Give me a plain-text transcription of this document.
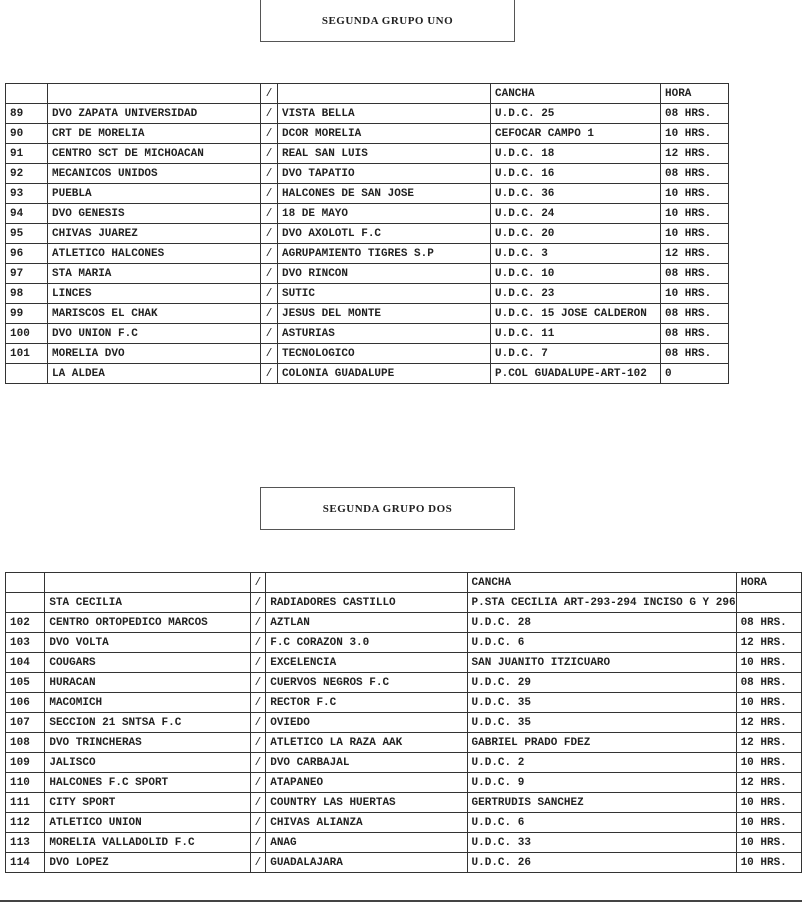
SEGUNDA GRUPO UNO
		/		CANCHA	HORA
89	DVO ZAPATA UNIVERSIDAD	/	VISTA BELLA	U.D.C. 25	08 HRS.
90	CRT DE MORELIA	/	DCOR MORELIA	CEFOCAR CAMPO 1	10 HRS.
91	CENTRO SCT DE MICHOACAN	/	REAL SAN LUIS	U.D.C. 18	12 HRS.
92	MECANICOS UNIDOS	/	DVO TAPATIO	U.D.C. 16	08 HRS.
93	PUEBLA	/	HALCONES DE SAN JOSE	U.D.C. 36	10 HRS.
94	DVO GENESIS	/	18 DE MAYO	U.D.C. 24	10 HRS.
95	CHIVAS JUAREZ	/	DVO AXOLOTL F.C	U.D.C. 20	10 HRS.
96	ATLETICO HALCONES	/	AGRUPAMIENTO TIGRES S.P	U.D.C. 3	12 HRS.
97	STA MARIA	/	DVO RINCON	U.D.C. 10	08 HRS.
98	LINCES	/	SUTIC	U.D.C. 23	10 HRS.
99	MARISCOS EL CHAK	/	JESUS DEL MONTE	U.D.C. 15 JOSE CALDERON	08 HRS.
100	DVO UNION F.C	/	ASTURIAS	U.D.C. 11	08 HRS.
101	MORELIA DVO	/	TECNOLOGICO	U.D.C. 7	08 HRS.
	LA ALDEA	/	COLONIA GUADALUPE	P.COL GUADALUPE-ART-102	0
SEGUNDA GRUPO DOS
		/		CANCHA	HORA
	STA CECILIA	/	RADIADORES CASTILLO	P.STA CECILIA ART-293-294 INCISO G Y 296	
102	CENTRO ORTOPEDICO MARCOS	/	AZTLAN	U.D.C. 28	08 HRS.
103	DVO VOLTA	/	F.C CORAZON 3.0	U.D.C. 6	12 HRS.
104	COUGARS	/	EXCELENCIA	SAN JUANITO ITZICUARO	10 HRS.
105	HURACAN	/	CUERVOS NEGROS F.C	U.D.C. 29	08 HRS.
106	MACOMICH	/	RECTOR F.C	U.D.C. 35	10 HRS.
107	SECCION 21 SNTSA F.C	/	OVIEDO	U.D.C. 35	12 HRS.
108	DVO TRINCHERAS	/	ATLETICO LA RAZA AAK	GABRIEL PRADO FDEZ	12 HRS.
109	JALISCO	/	DVO CARBAJAL	U.D.C. 2	10 HRS.
110	HALCONES F.C SPORT	/	ATAPANEO	U.D.C. 9	12 HRS.
111	CITY SPORT	/	COUNTRY LAS HUERTAS	GERTRUDIS SANCHEZ	10 HRS.
112	ATLETICO UNION	/	CHIVAS ALIANZA	U.D.C. 6	10 HRS.
113	MORELIA VALLADOLID F.C	/	ANAG	U.D.C. 33	10 HRS.
114	DVO LOPEZ	/	GUADALAJARA	U.D.C. 26	10 HRS.
